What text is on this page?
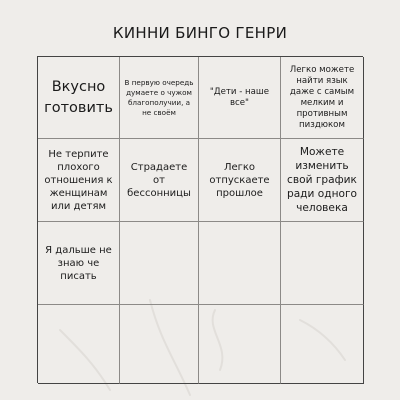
КИННИ БИНГО ГЕНРИ
Вкусно готовить
В первую очередь думаете о чужом благополучии, а не своём
"Дети - наше все"
Легко можете найти язык даже с самым мелким и противным пиздюком
Не терпите плохого отношения к женщинам или детям
Страдаете от бессонницы
Легко отпускаете прошлое
Можете изменить свой график ради одного человека
Я дальше не знаю че писать
